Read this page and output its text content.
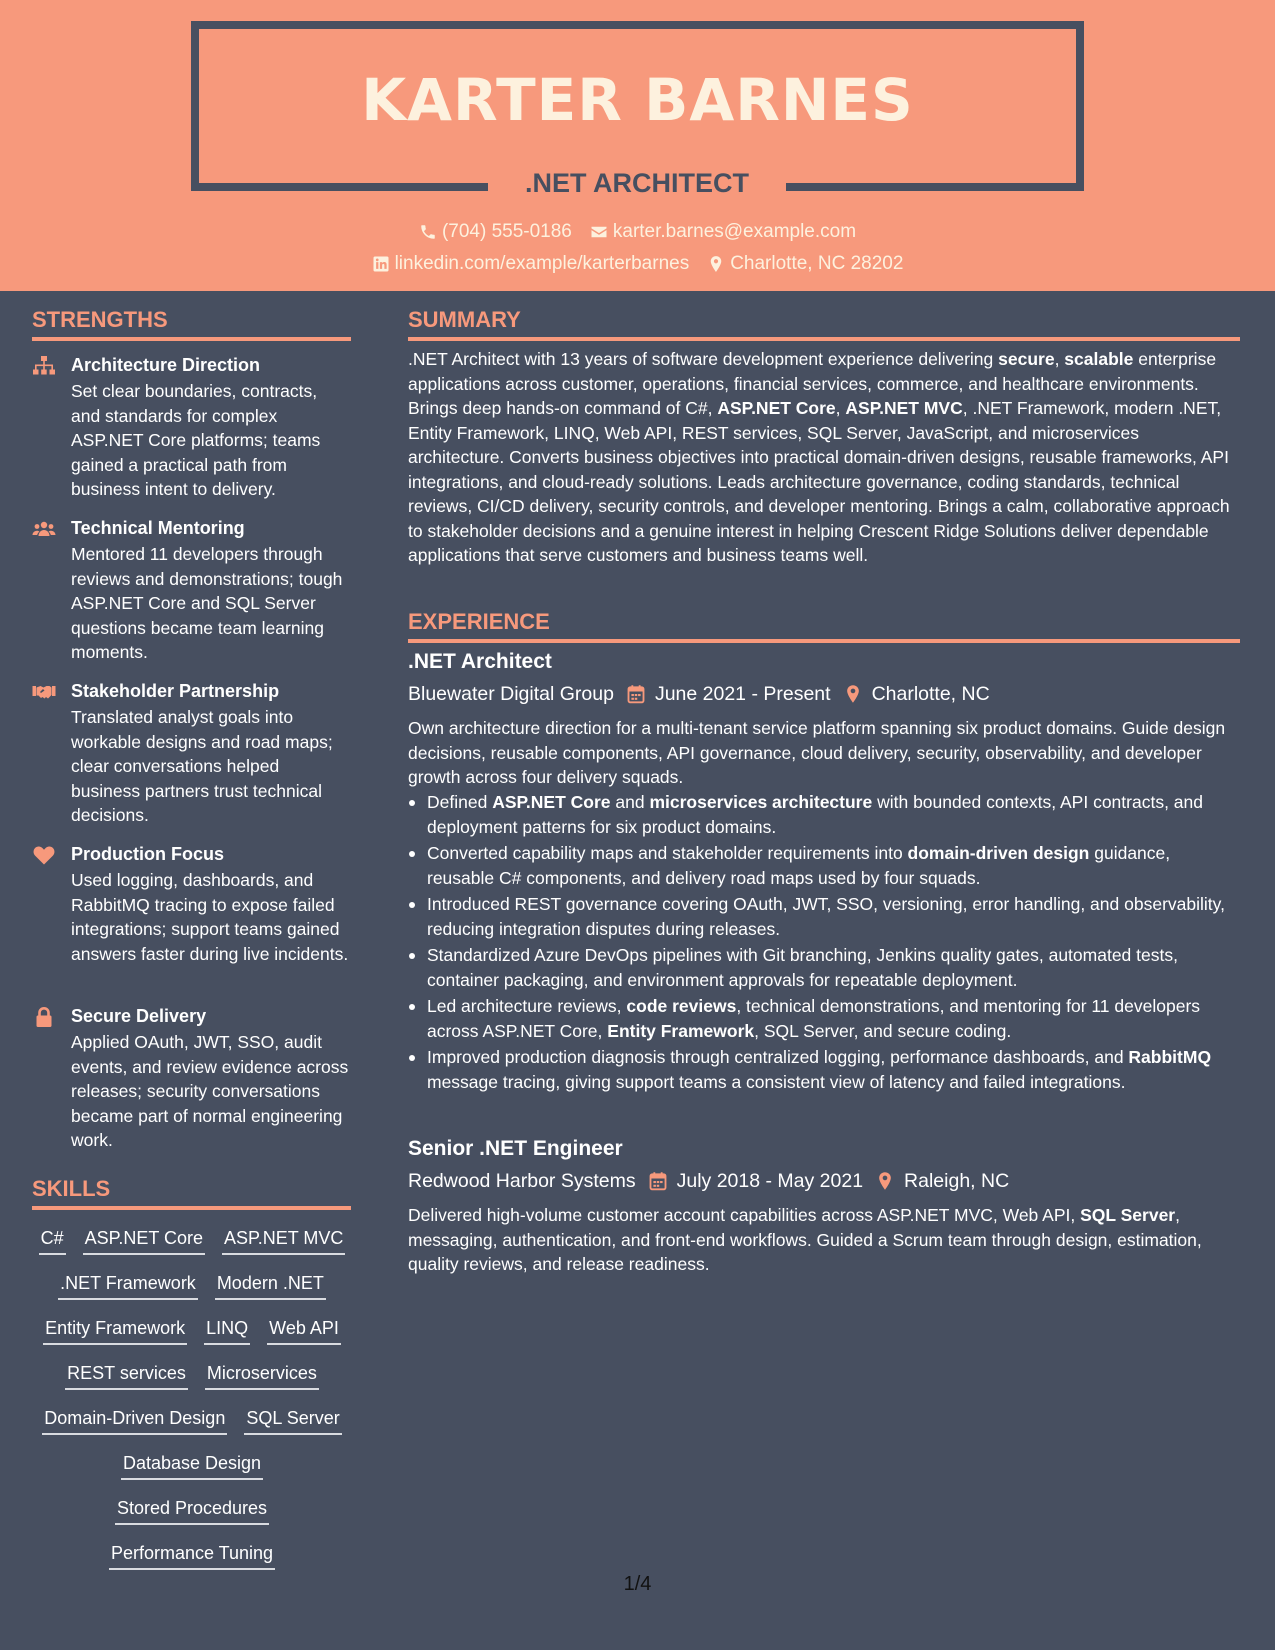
KARTER BARNES
.NET ARCHITECT
(704) 555-0186 karter.barnes@example.com
linkedin.com/example/karterbarnes Charlotte, NC 28202
STRENGTHS
Architecture Direction
Set clear boundaries, contracts, and standards for complex ASP.NET Core platforms; teams gained a practical path from business intent to delivery.
Technical Mentoring
Mentored 11 developers through reviews and demonstrations; tough ASP.NET Core and SQL Server questions became team learning moments.
Stakeholder Partnership
Translated analyst goals into workable designs and road maps; clear conversations helped business partners trust technical decisions.
Production Focus
Used logging, dashboards, and RabbitMQ tracing to expose failed integrations; support teams gained answers faster during live incidents.
Secure Delivery
Applied OAuth, JWT, SSO, audit events, and review evidence across releases; security conversations became part of normal engineering work.
SKILLS
C# ASP.NET Core ASP.NET MVC
.NET Framework Modern .NET
Entity Framework LINQ Web API
REST services Microservices
Domain-Driven Design SQL Server
Database Design
Stored Procedures
Performance Tuning
SUMMARY
.NET Architect with 13 years of software development experience delivering secure, scalable enterprise applications across customer, operations, financial services, commerce, and healthcare environments. Brings deep hands-on command of C#, ASP.NET Core, ASP.NET MVC, .NET Framework, modern .NET, Entity Framework, LINQ, Web API, REST services, SQL Server, JavaScript, and microservices architecture. Converts business objectives into practical domain-driven designs, reusable frameworks, API integrations, and cloud-ready solutions. Leads architecture governance, coding standards, technical reviews, CI/CD delivery, security controls, and developer mentoring. Brings a calm, collaborative approach to stakeholder decisions and a genuine interest in helping Crescent Ridge Solutions deliver dependable applications that serve customers and business teams well.
EXPERIENCE
.NET Architect
Bluewater Digital Group June 2021 - Present Charlotte, NC
Own architecture direction for a multi-tenant service platform spanning six product domains. Guide design decisions, reusable components, API governance, cloud delivery, security, observability, and developer growth across four delivery squads.
Defined ASP.NET Core and microservices architecture with bounded contexts, API contracts, and deployment patterns for six product domains.
Converted capability maps and stakeholder requirements into domain-driven design guidance, reusable C# components, and delivery road maps used by four squads.
Introduced REST governance covering OAuth, JWT, SSO, versioning, error handling, and observability, reducing integration disputes during releases.
Standardized Azure DevOps pipelines with Git branching, Jenkins quality gates, automated tests, container packaging, and environment approvals for repeatable deployment.
Led architecture reviews, code reviews, technical demonstrations, and mentoring for 11 developers across ASP.NET Core, Entity Framework, SQL Server, and secure coding.
Improved production diagnosis through centralized logging, performance dashboards, and RabbitMQ message tracing, giving support teams a consistent view of latency and failed integrations.
Senior .NET Engineer
Redwood Harbor Systems July 2018 - May 2021 Raleigh, NC
Delivered high-volume customer account capabilities across ASP.NET MVC, Web API, SQL Server, messaging, authentication, and front-end workflows. Guided a Scrum team through design, estimation, quality reviews, and release readiness.
1/4
